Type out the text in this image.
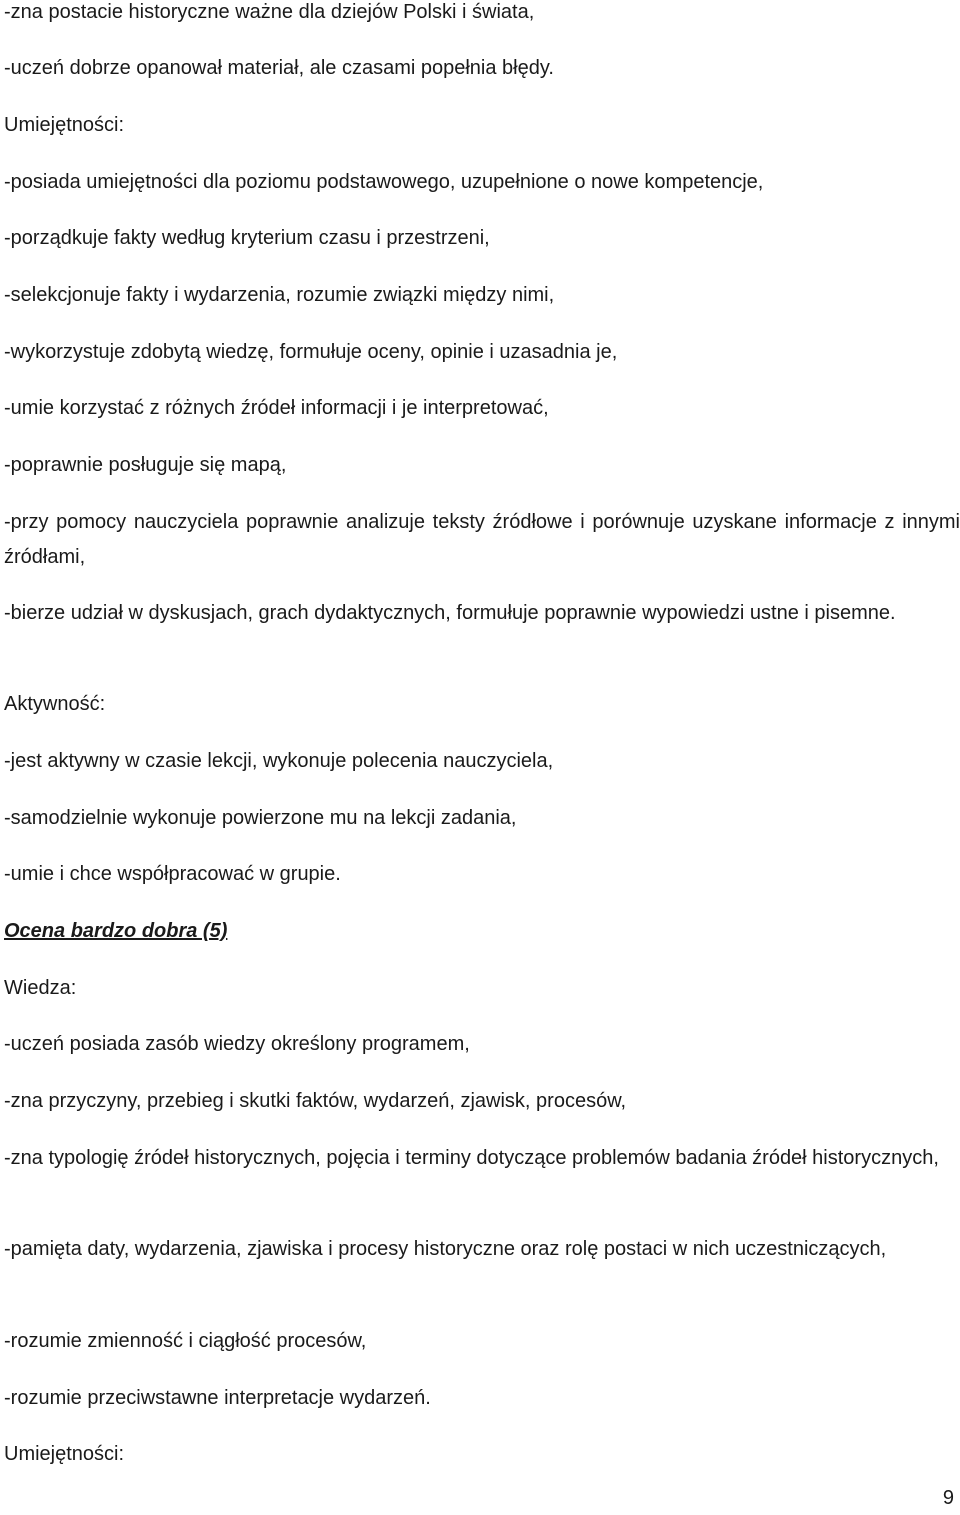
-zna postacie historyczne ważne dla dziejów Polski i świata,
-uczeń dobrze opanował materiał, ale czasami popełnia błędy.
Umiejętności:
-posiada umiejętności dla poziomu podstawowego, uzupełnione o nowe kompetencje,
-porządkuje fakty według kryterium czasu i przestrzeni,
-selekcjonuje fakty i wydarzenia, rozumie związki między nimi,
-wykorzystuje zdobytą wiedzę, formułuje oceny, opinie i uzasadnia je,
-umie korzystać z różnych źródeł informacji i je interpretować,
-poprawnie posługuje się mapą,
-przy pomocy nauczyciela poprawnie analizuje teksty źródłowe i porównuje uzyskane informacje z innymi źródłami,
-bierze udział w dyskusjach, grach dydaktycznych, formułuje poprawnie wypowiedzi ustne i pisemne.
Aktywność:
-jest aktywny w czasie lekcji, wykonuje polecenia nauczyciela,
-samodzielnie wykonuje powierzone mu na lekcji zadania,
-umie i chce współpracować w grupie.
Ocena bardzo dobra (5)
Wiedza:
-uczeń posiada zasób wiedzy określony programem,
-zna przyczyny, przebieg i skutki faktów, wydarzeń, zjawisk, procesów,
-zna typologię źródeł historycznych, pojęcia i terminy dotyczące problemów badania źródeł historycznych,
-pamięta daty, wydarzenia, zjawiska i procesy historyczne oraz rolę postaci w nich uczestniczących,
-rozumie zmienność i ciągłość procesów,
-rozumie przeciwstawne interpretacje wydarzeń.
Umiejętności:
9
